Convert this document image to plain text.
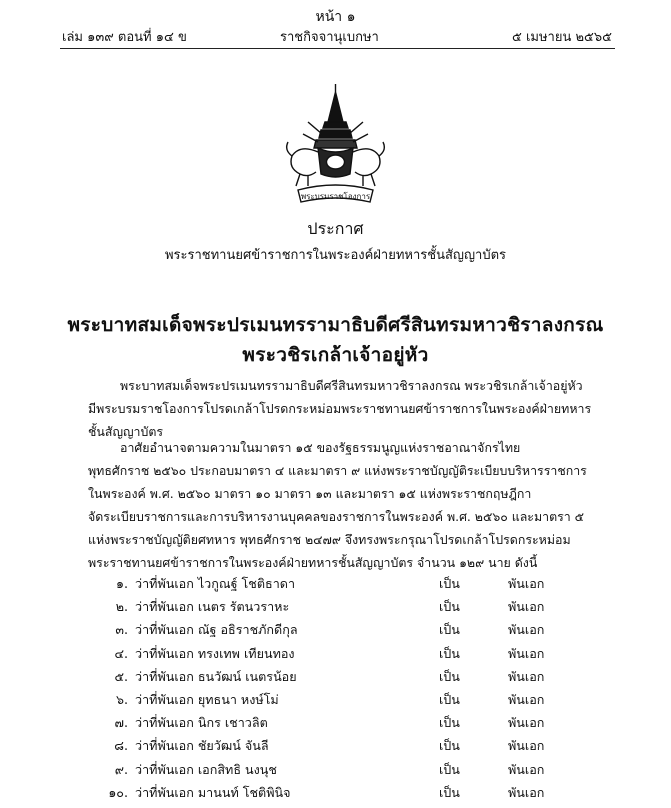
หน้า ๑
เล่ม ๑๓๙ ตอนที่ ๑๔ ข	ราชกิจจานุเบกษา	๕ เมษายน ๒๕๖๕
พระบรมราชโองการ
ประกาศ
พระราชทานยศข้าราชการในพระองค์ฝ่ายทหารชั้นสัญญาบัตร
พระบาทสมเด็จพระปรเมนทรรามาธิบดีศรีสินทรมหาวชิราลงกรณ
พระวชิรเกล้าเจ้าอยู่หัว
พระบาทสมเด็จพระปรเมนทรรามาธิบดีศรีสินทรมหาวชิราลงกรณ พระวชิรเกล้าเจ้าอยู่หัว
มีพระบรมราชโองการโปรดเกล้าโปรดกระหม่อมพระราชทานยศข้าราชการในพระองค์ฝ่ายทหาร
ชั้นสัญญาบัตร
อาศัยอำนาจตามความในมาตรา ๑๕ ของรัฐธรรมนูญแห่งราชอาณาจักรไทย
พุทธศักราช ๒๕๖๐ ประกอบมาตรา ๔ และมาตรา ๙ แห่งพระราชบัญญัติระเบียบบริหารราชการ
ในพระองค์ พ.ศ. ๒๕๖๐ มาตรา ๑๐ มาตรา ๑๓ และมาตรา ๑๕ แห่งพระราชกฤษฎีกา
จัดระเบียบราชการและการบริหารงานบุคคลของราชการในพระองค์ พ.ศ. ๒๕๖๐ และมาตรา ๕
แห่งพระราชบัญญัติยศทหาร พุทธศักราช ๒๔๗๙ จึงทรงพระกรุณาโปรดเกล้าโปรดกระหม่อม
พระราชทานยศข้าราชการในพระองค์ฝ่ายทหารชั้นสัญญาบัตร จำนวน ๑๒๙ นาย ดังนี้
๑. ว่าที่พันเอก ไวกูณฐ์ โชติธาดา	เป็น	พันเอก
๒. ว่าที่พันเอก เนตร รัตนวราหะ	เป็น	พันเอก
๓. ว่าที่พันเอก ณัฐ อธิราชภักดีกุล	เป็น	พันเอก
๔. ว่าที่พันเอก ทรงเทพ เทียนทอง	เป็น	พันเอก
๕. ว่าที่พันเอก ธนวัฒน์ เนตรน้อย	เป็น	พันเอก
๖. ว่าที่พันเอก ยุทธนา หงษ์โม่	เป็น	พันเอก
๗. ว่าที่พันเอก นิกร เชาวลิต	เป็น	พันเอก
๘. ว่าที่พันเอก ชัยวัฒน์ จันลี	เป็น	พันเอก
๙. ว่าที่พันเอก เอกสิทธิ นงนุช	เป็น	พันเอก
๑๐. ว่าที่พันเอก มานนท์ โชติพินิจ	เป็น	พันเอก
